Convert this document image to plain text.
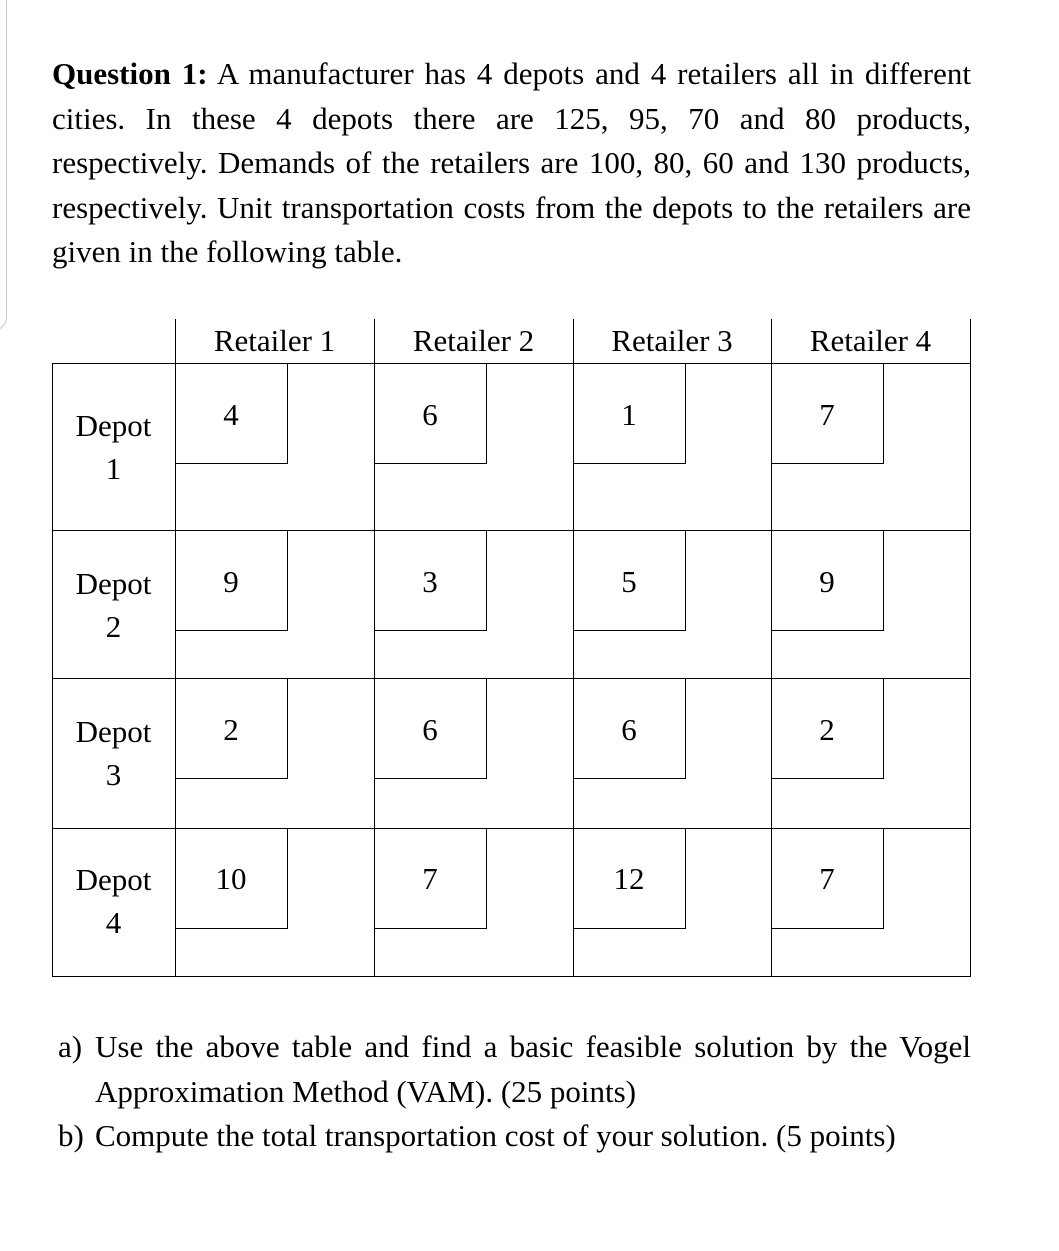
Question 1: A manufacturer has 4 depots and 4 retailers all in different cities. In these 4 depots there are 125, 95, 70 and 80 products, respectively. Demands of the retailers are 100, 80, 60 and 130 products, respectively. Unit transportation costs from the depots to the retailers are given in the following table.

Retailer 1	Retailer 2	Retailer 3	Retailer 4
Depot
1
4	6	1	7
Depot
2
9	3	5	9
Depot
3
2	6	6	2
Depot
4
10	7	12	7
a) Use the above table and find a basic feasible solution by the Vogel Approximation Method (VAM). (25 points)
b) Compute the total transportation cost of your solution. (5 points)
